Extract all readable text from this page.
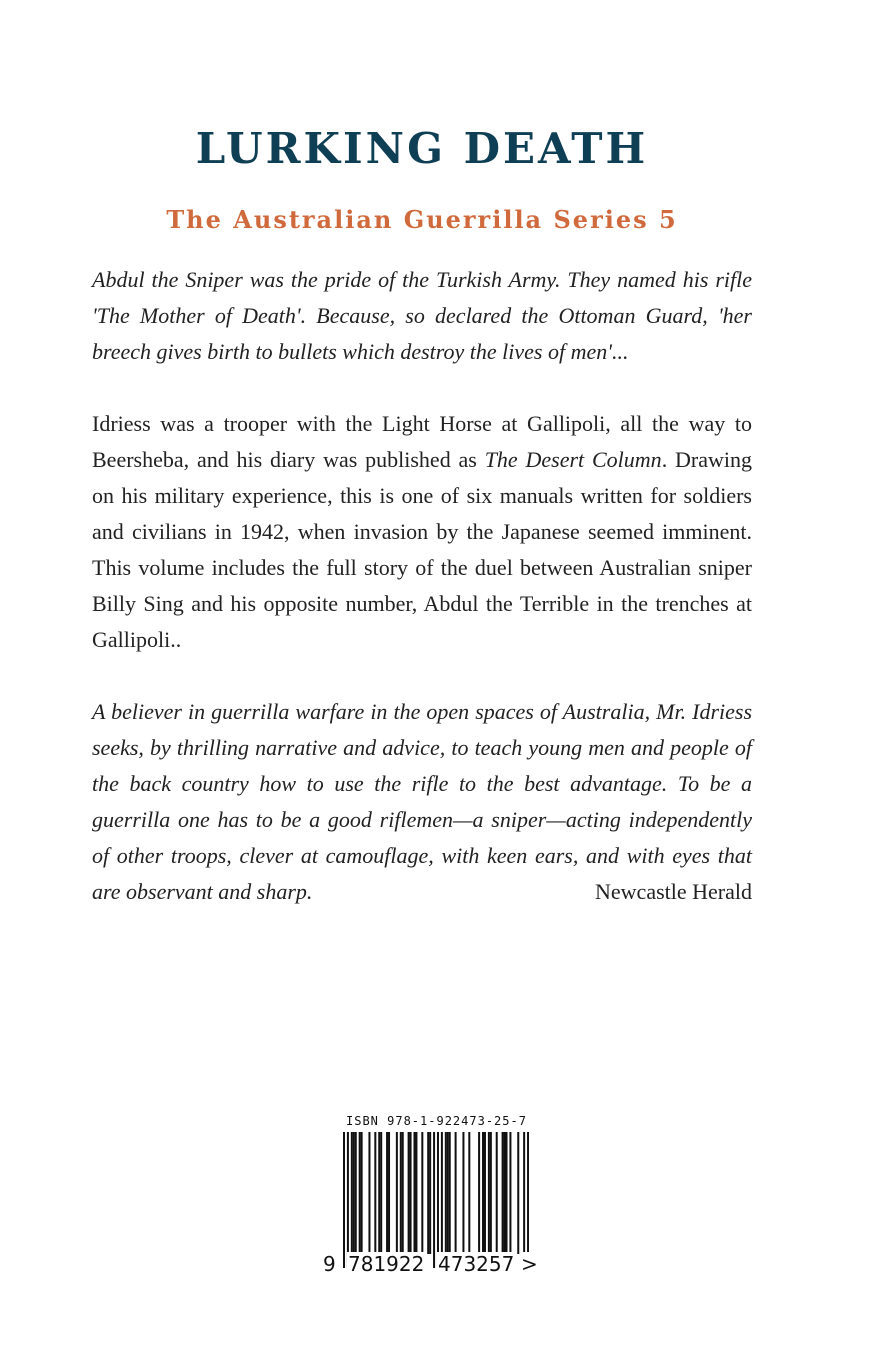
LURKING DEATH
The Australian Guerrilla Series 5

Abdul the Sniper was the pride of the Turkish Army. They named his rifle 'The Mother of Death'. Because, so declared the Ottoman Guard, 'her breech gives birth to bullets which destroy the lives of men'...

Idriess was a trooper with the Light Horse at Gallipoli, all the way to Beersheba, and his diary was published as The Desert Column. Drawing on his military experience, this is one of six manuals written for soldiers and civilians in 1942, when invasion by the Japanese seemed imminent. This volume includes the full story of the duel between Australian sniper Billy Sing and his opposite number, Abdul the Terrible in the trenches at Gallipoli..

A believer in guerrilla warfare in the open spaces of Australia, Mr. Idriess seeks, by thrilling narrative and advice, to teach young men and people of the back country how to use the rifle to the best advantage. To be a guerrilla one has to be a good riflemen—a sniper—acting independently of other troops, clever at camouflage, with keen ears, and with eyes that are observant and sharp.	Newcastle Herald

ISBN 978-1-922473-25-7
9 781922 473257 >
